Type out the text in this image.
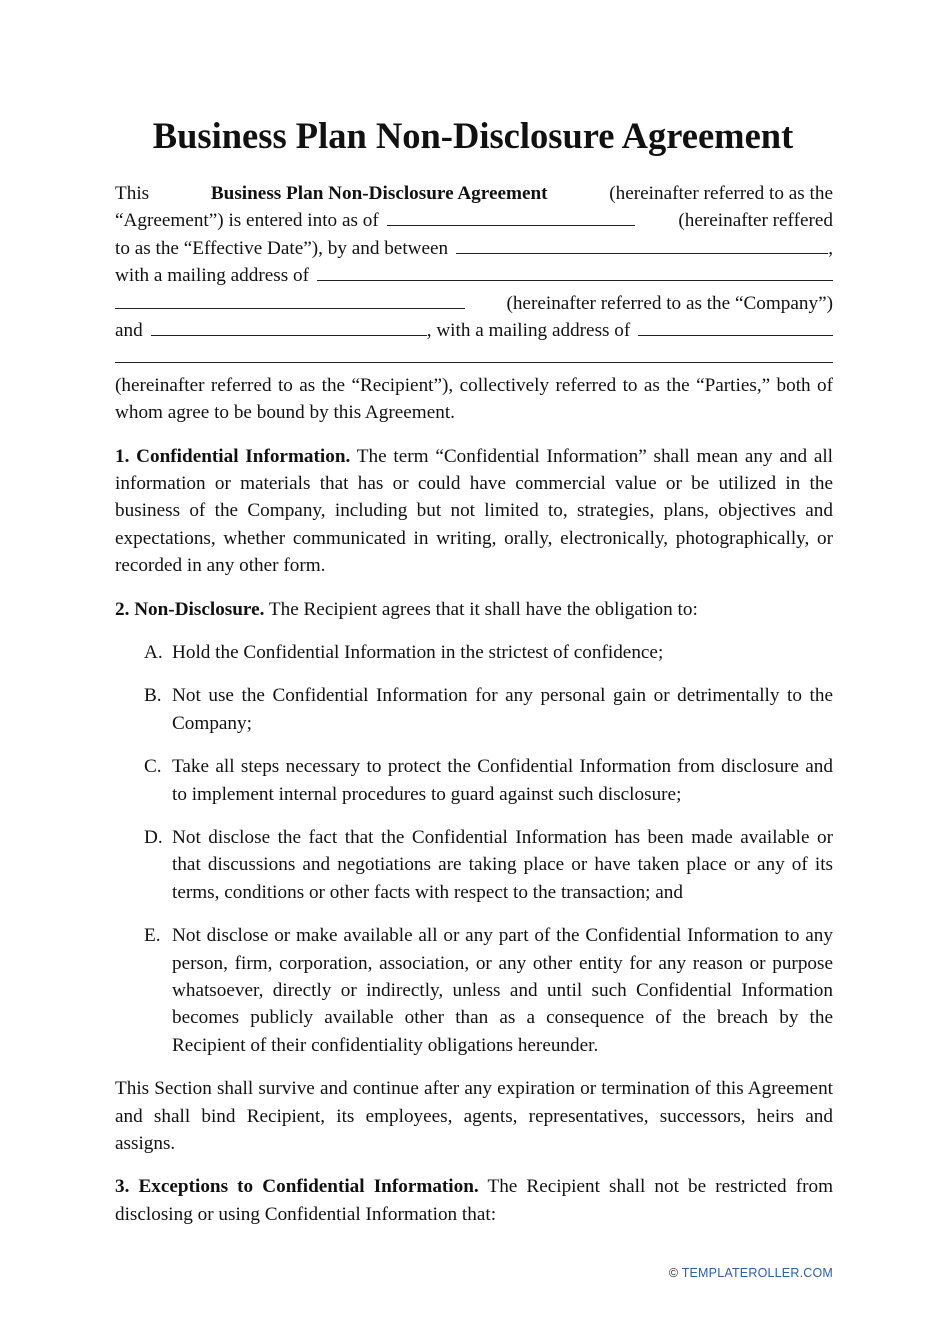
Business Plan Non-Disclosure Agreement
This	Business Plan Non-Disclosure Agreement	(hereinafter referred to as the
“Agreement”) is entered into as of	(hereinafter reffered
to as the “Effective Date”), by and between	,
with a mailing address of
(hereinafter referred to as the “Company”)
and	, with a mailing address of

(hereinafter referred to as the “Recipient”), collectively referred to as the “Parties,” both of whom agree to be bound by this Agreement.

1. Confidential Information. The term “Confidential Information” shall mean any and all information or materials that has or could have commercial value or be utilized in the business of the Company, including but not limited to, strategies, plans, objectives and expectations, whether communicated in writing, orally, electronically, photographically, or recorded in any other form.

2. Non-Disclosure. The Recipient agrees that it shall have the obligation to:

A. Hold the Confidential Information in the strictest of confidence;
B. Not use the Confidential Information for any personal gain or detrimentally to the Company;
C. Take all steps necessary to protect the Confidential Information from disclosure and to implement internal procedures to guard against such disclosure;
D. Not disclose the fact that the Confidential Information has been made available or that discussions and negotiations are taking place or have taken place or any of its terms, conditions or other facts with respect to the transaction; and
E. Not disclose or make available all or any part of the Confidential Information to any person, firm, corporation, association, or any other entity for any reason or purpose whatsoever, directly or indirectly, unless and until such Confidential Information becomes publicly available other than as a consequence of the breach by the Recipient of their confidentiality obligations hereunder.

This Section shall survive and continue after any expiration or termination of this Agreement and shall bind Recipient, its employees, agents, representatives, successors, heirs and assigns.

3. Exceptions to Confidential Information. The Recipient shall not be restricted from disclosing or using Confidential Information that:

© TEMPLATEROLLER.COM
